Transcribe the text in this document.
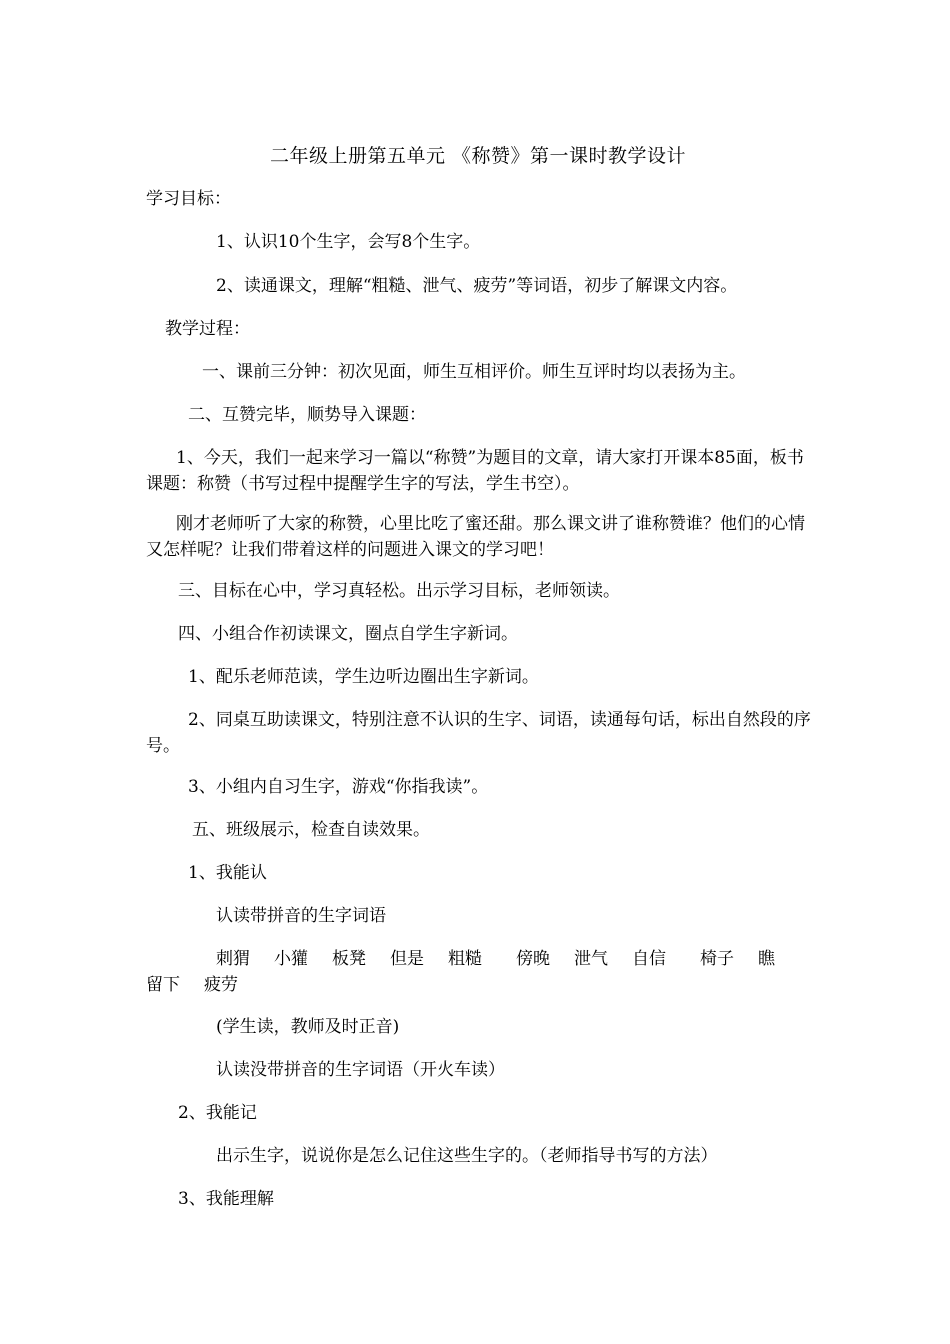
二年级上册第五单元 《称赞》第一课时教学设计
学习目标：
1、认识10个生字，会写8个生字。
2、读通课文，理解“粗糙、泄气、疲劳”等词语，初步了解课文内容。
教学过程：
一、课前三分钟：初次见面，师生互相评价。师生互评时均以表扬为主。
二、互赞完毕，顺势导入课题：

1、今天，我们一起来学习一篇以“称赞”为题目的文章，请大家打开课本85面，板书课题：称赞（书写过程中提醒学生字的写法，学生书空）。

刚才老师听了大家的称赞，心里比吃了蜜还甜。那么课文讲了谁称赞谁？他们的心情又怎样呢？让我们带着这样的问题进入课文的学习吧！

三、目标在心中，学习真轻松。出示学习目标，老师领读。
四、小组合作初读课文，圈点自学生字新词。
1、配乐老师范读，学生边听边圈出生字新词。

2、同桌互助读课文，特别注意不认识的生字、词语，读通每句话，标出自然段的序号。

3、小组内自习生字，游戏“你指我读”。
五、班级展示，检查自读效果。
1、我能认
认读带拼音的生字词语
刺猬 小獾 板凳 但是 粗糙 傍晚 泄气 自信 椅子 瞧
留下 疲劳
(学生读，教师及时正音)
认读没带拼音的生字词语（开火车读）
2、我能记
出示生字，说说你是怎么记住这些生字的。（老师指导书写的方法）
3、我能理解
